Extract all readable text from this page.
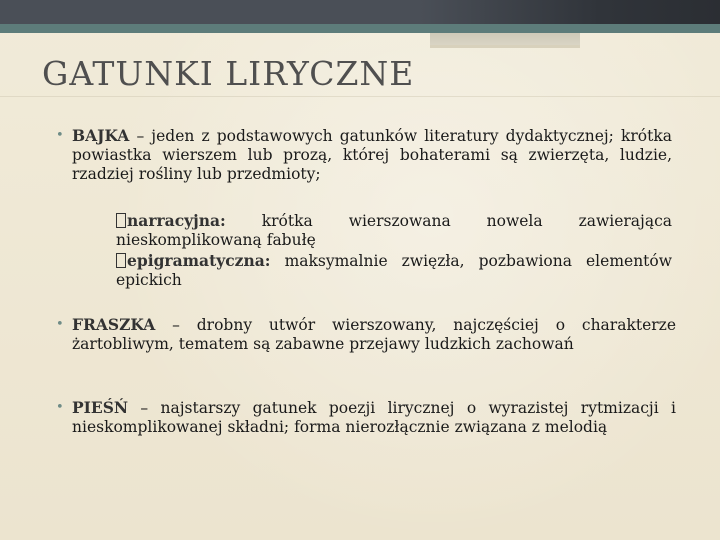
GATUNKI LIRYCZNE
• BAJKA – jeden z podstawowych gatunków literatury dydaktycznej; krótka powiastka wierszem lub prozą, której bohaterami są zwierzęta, ludzie, rzadziej rośliny lub przedmioty;
narracyjna: krótka wierszowana nowela zawierająca nieskomplikowaną fabułę
epigramatyczna: maksymalnie zwięzła, pozbawiona elementów epickich
• FRASZKA – drobny utwór wierszowany, najczęściej o charakterze żartobliwym, tematem są zabawne przejawy ludzkich zachowań
• PIEŚŃ – najstarszy gatunek poezji lirycznej o wyrazistej rytmizacji i nieskomplikowanej składni; forma nierozłącznie związana z melodią
